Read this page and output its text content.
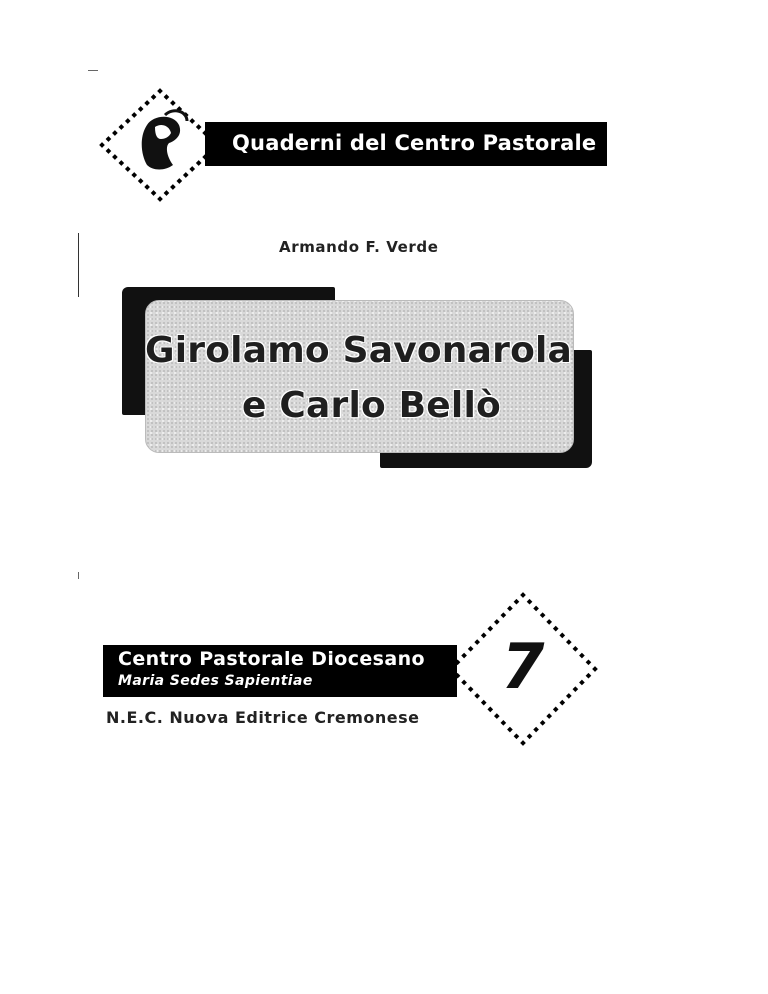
Quaderni del Centro Pastorale
Armando F. Verde
Girolamo Savonarola
e Carlo Bellò
Centro Pastorale Diocesano
Maria Sedes Sapientiae
N.E.C. Nuova Editrice Cremonese
7
